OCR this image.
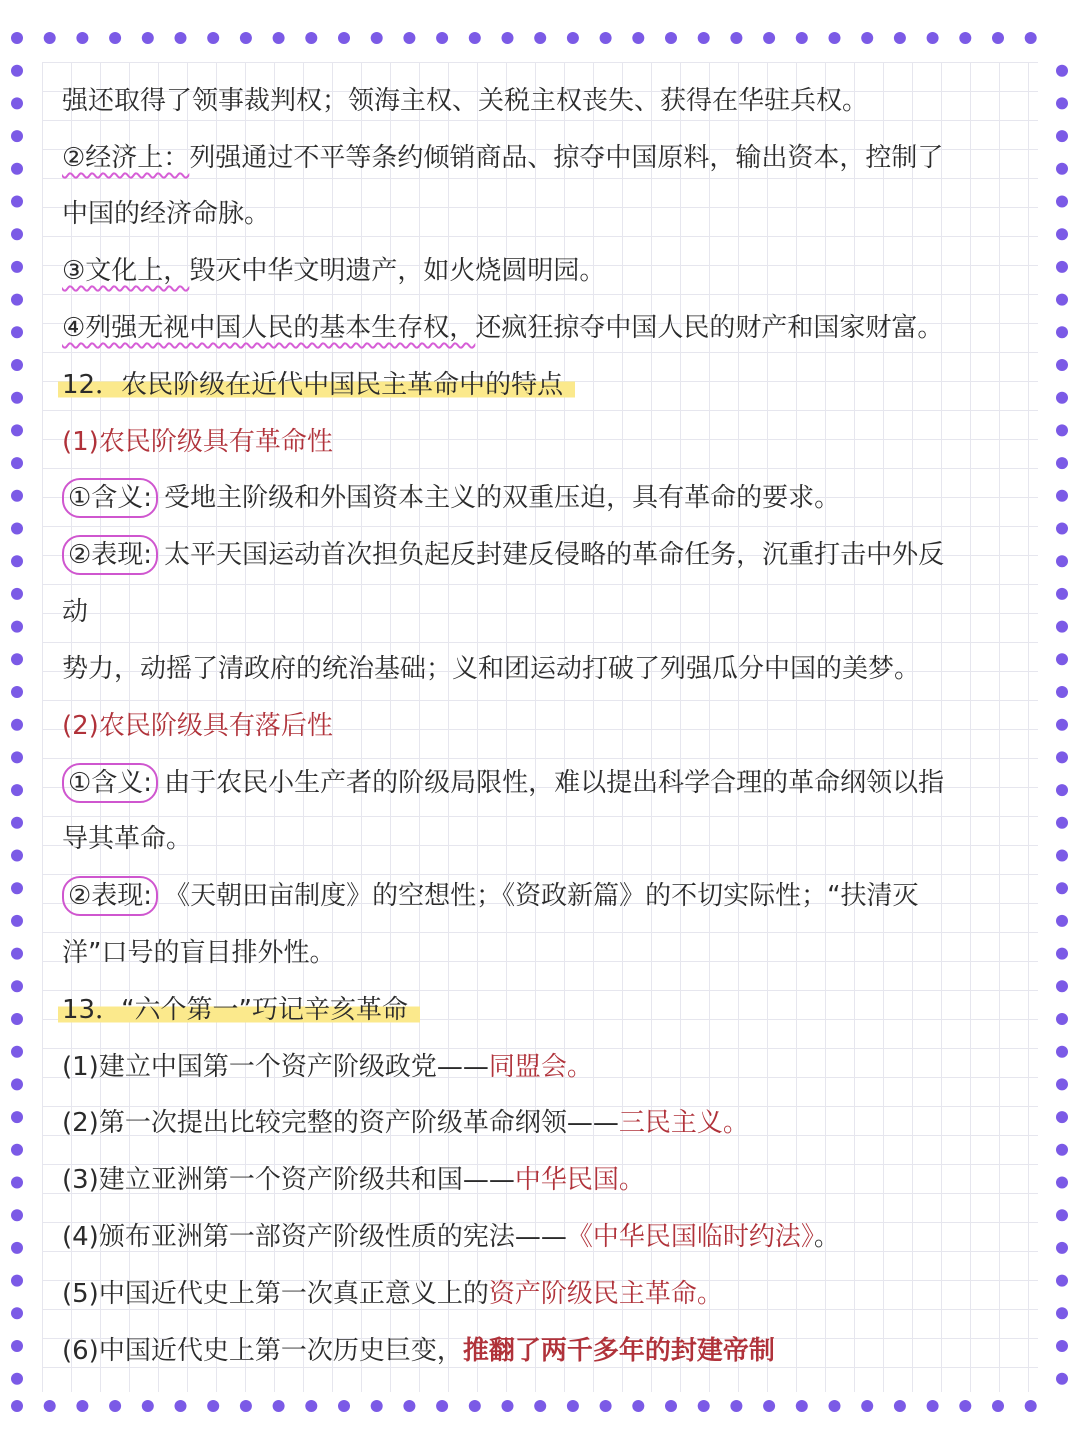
强还取得了领事裁判权；领海主权、关税主权丧失、获得在华驻兵权。
②经济上：列强通过不平等条约倾销商品、掠夺中国原料，输出资本，控制了
中国的经济命脉。
③文化上，毁灭中华文明遗产，如火烧圆明园。
④列强无视中国人民的基本生存权，还疯狂掠夺中国人民的财产和国家财富。
12．农民阶级在近代中国民主革命中的特点
(1)农民阶级具有革命性
①含义: 受地主阶级和外国资本主义的双重压迫，具有革命的要求。
②表现: 太平天国运动首次担负起反封建反侵略的革命任务，沉重打击中外反
动
势力，动摇了清政府的统治基础；义和团运动打破了列强瓜分中国的美梦。
(2)农民阶级具有落后性
①含义: 由于农民小生产者的阶级局限性，难以提出科学合理的革命纲领以指
导其革命。
②表现: 《天朝田亩制度》的空想性；《资政新篇》的不切实际性；“扶清灭
洋”口号的盲目排外性。
13．“六个第一”巧记辛亥革命
(1)建立中国第一个资产阶级政党——同盟会。
(2)第一次提出比较完整的资产阶级革命纲领——三民主义。
(3)建立亚洲第一个资产阶级共和国——中华民国。
(4)颁布亚洲第一部资产阶级性质的宪法——《中华民国临时约法》。
(5)中国近代史上第一次真正意义上的资产阶级民主革命。
(6)中国近代史上第一次历史巨变，推翻了两千多年的封建帝制
